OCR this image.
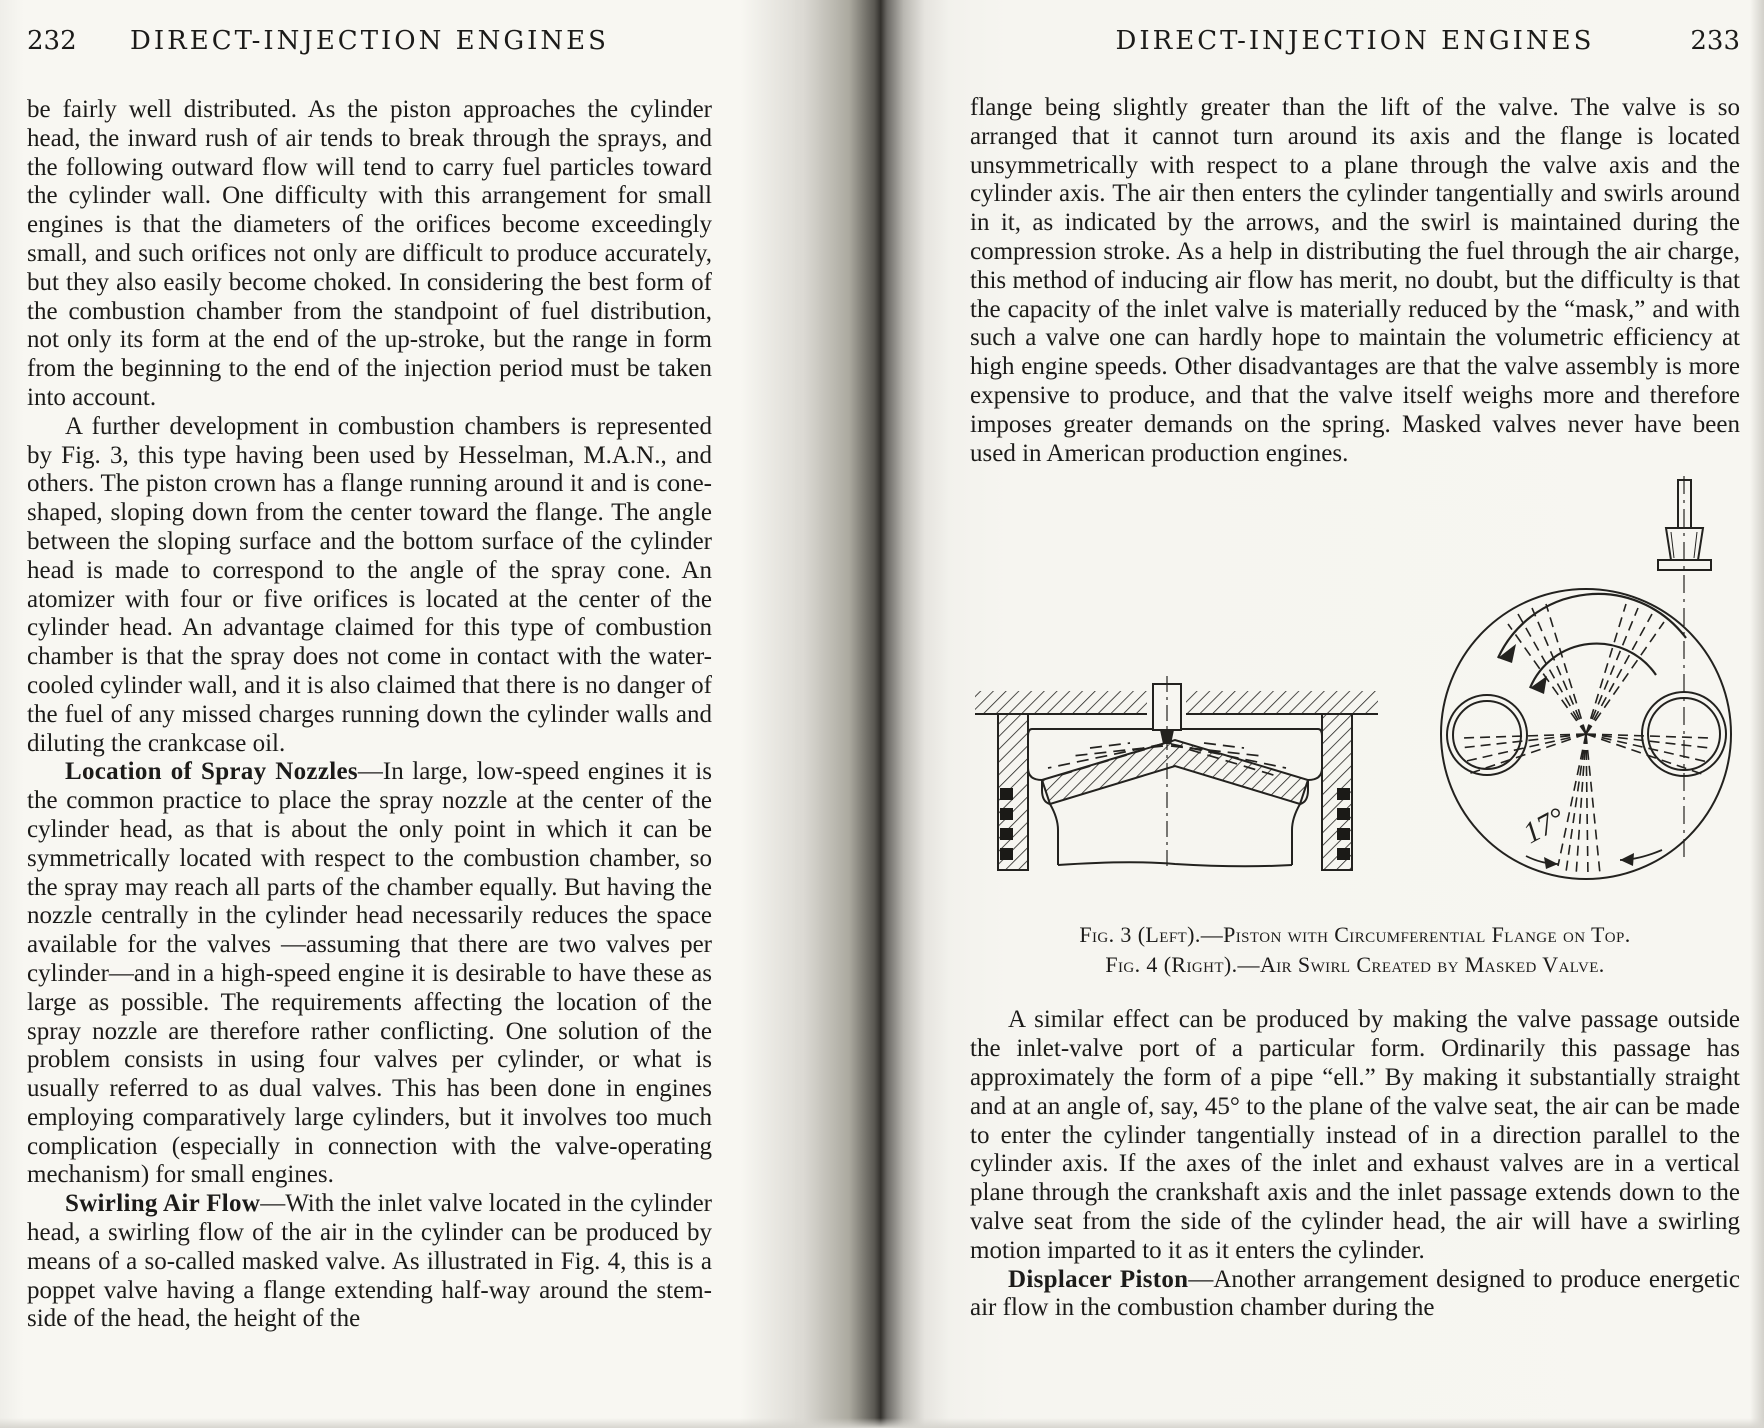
232	DIRECT-INJECTION ENGINES

be fairly well distributed. As the piston approaches the cylinder head, the inward rush of air tends to break through the sprays, and the following outward flow will tend to carry fuel particles toward the cylinder wall. One difficulty with this arrangement for small engines is that the diameters of the orifices become exceedingly small, and such orifices not only are difficult to produce accurately, but they also easily become choked. In considering the best form of the combustion chamber from the standpoint of fuel distribution, not only its form at the end of the up-stroke, but the range in form from the beginning to the end of the injection period must be taken into account.

A further development in combustion chambers is represented by Fig. 3, this type having been used by Hesselman, M.A.N., and others. The piston crown has a flange running around it and is cone-shaped, sloping down from the center toward the flange. The angle between the sloping surface and the bottom surface of the cylinder head is made to correspond to the angle of the spray cone. An atomizer with four or five orifices is located at the center of the cylinder head. An advantage claimed for this type of combustion chamber is that the spray does not come in contact with the water-cooled cylinder wall, and it is also claimed that there is no danger of the fuel of any missed charges running down the cylinder walls and diluting the crankcase oil.

Location of Spray Nozzles—In large, low-speed engines it is the common practice to place the spray nozzle at the center of the cylinder head, as that is about the only point in which it can be symmetrically located with respect to the combustion chamber, so the spray may reach all parts of the chamber equally. But having the nozzle centrally in the cylinder head necessarily reduces the space available for the valves —assuming that there are two valves per cylinder—and in a high-speed engine it is desirable to have these as large as possible. The requirements affecting the location of the spray nozzle are therefore rather conflicting. One solution of the problem consists in using four valves per cylinder, or what is usually referred to as dual valves. This has been done in engines employing comparatively large cylinders, but it involves too much complication (especially in connection with the valve-operating mechanism) for small engines.

Swirling Air Flow—With the inlet valve located in the cylinder head, a swirling flow of the air in the cylinder can be produced by means of a so-called masked valve. As illustrated in Fig. 4, this is a poppet valve having a flange extending half-way around the stem-side of the head, the height of the

233
DIRECT-INJECTION ENGINES

flange being slightly greater than the lift of the valve. The valve is so arranged that it cannot turn around its axis and the flange is located unsymmetrically with respect to a plane through the valve axis and the cylinder axis. The air then enters the cylinder tangentially and swirls around in it, as indicated by the arrows, and the swirl is maintained during the compression stroke. As a help in distributing the fuel through the air charge, this method of inducing air flow has merit, no doubt, but the difficulty is that the capacity of the inlet valve is materially reduced by the “mask,” and with such a valve one can hardly hope to maintain the volumetric efficiency at high engine speeds. Other disadvantages are that the valve assembly is more expensive to produce, and that the valve itself weighs more and therefore imposes greater demands on the spring. Masked valves never have been used in American production engines.

17°
Fig. 3 (Left).—Piston with Circumferential Flange on Top.
Fig. 4 (Right).—Air Swirl Created by Masked Valve.

A similar effect can be produced by making the valve passage outside the inlet-valve port of a particular form. Ordinarily this passage has approximately the form of a pipe “ell.” By making it substantially straight and at an angle of, say, 45° to the plane of the valve seat, the air can be made to enter the cylinder tangentially instead of in a direction parallel to the cylinder axis. If the axes of the inlet and exhaust valves are in a vertical plane through the crankshaft axis and the inlet passage extends down to the valve seat from the side of the cylinder head, the air will have a swirling motion imparted to it as it enters the cylinder.

Displacer Piston—Another arrangement designed to produce energetic air flow in the combustion chamber during the
